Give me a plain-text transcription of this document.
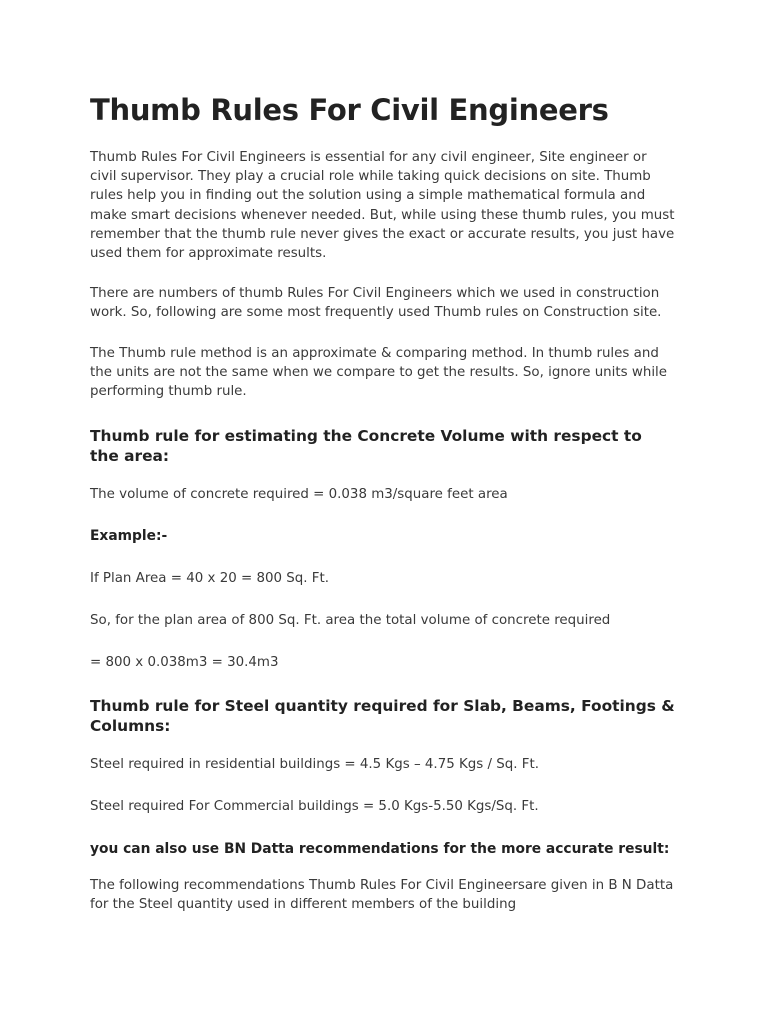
Thumb Rules For Civil Engineers

Thumb Rules For Civil Engineers is essential for any civil engineer, Site engineer or civil supervisor. They play a crucial role while taking quick decisions on site. Thumb rules help you in finding out the solution using a simple mathematical formula and make smart decisions whenever needed. But, while using these thumb rules, you must remember that the thumb rule never gives the exact or accurate results, you just have used them for approximate results.

There are numbers of thumb Rules For Civil Engineers which we used in construction work. So, following are some most frequently used Thumb rules on Construction site.

The Thumb rule method is an approximate & comparing method. In thumb rules and the units are not the same when we compare to get the results. So, ignore units while performing thumb rule.

Thumb rule for estimating the Concrete Volume with respect to the area:

The volume of concrete required = 0.038 m3/square feet area

Example:-

If Plan Area = 40 x 20 = 800 Sq. Ft.

So, for the plan area of 800 Sq. Ft. area the total volume of concrete required

= 800 x 0.038m3 = 30.4m3

Thumb rule for Steel quantity required for Slab, Beams, Footings & Columns:

Steel required in residential buildings = 4.5 Kgs – 4.75 Kgs / Sq. Ft.

Steel required For Commercial buildings = 5.0 Kgs-5.50 Kgs/Sq. Ft.

you can also use BN Datta recommendations for the more accurate result:

The following recommendations Thumb Rules For Civil Engineersare given in B N Datta for the Steel quantity used in different members of the building
